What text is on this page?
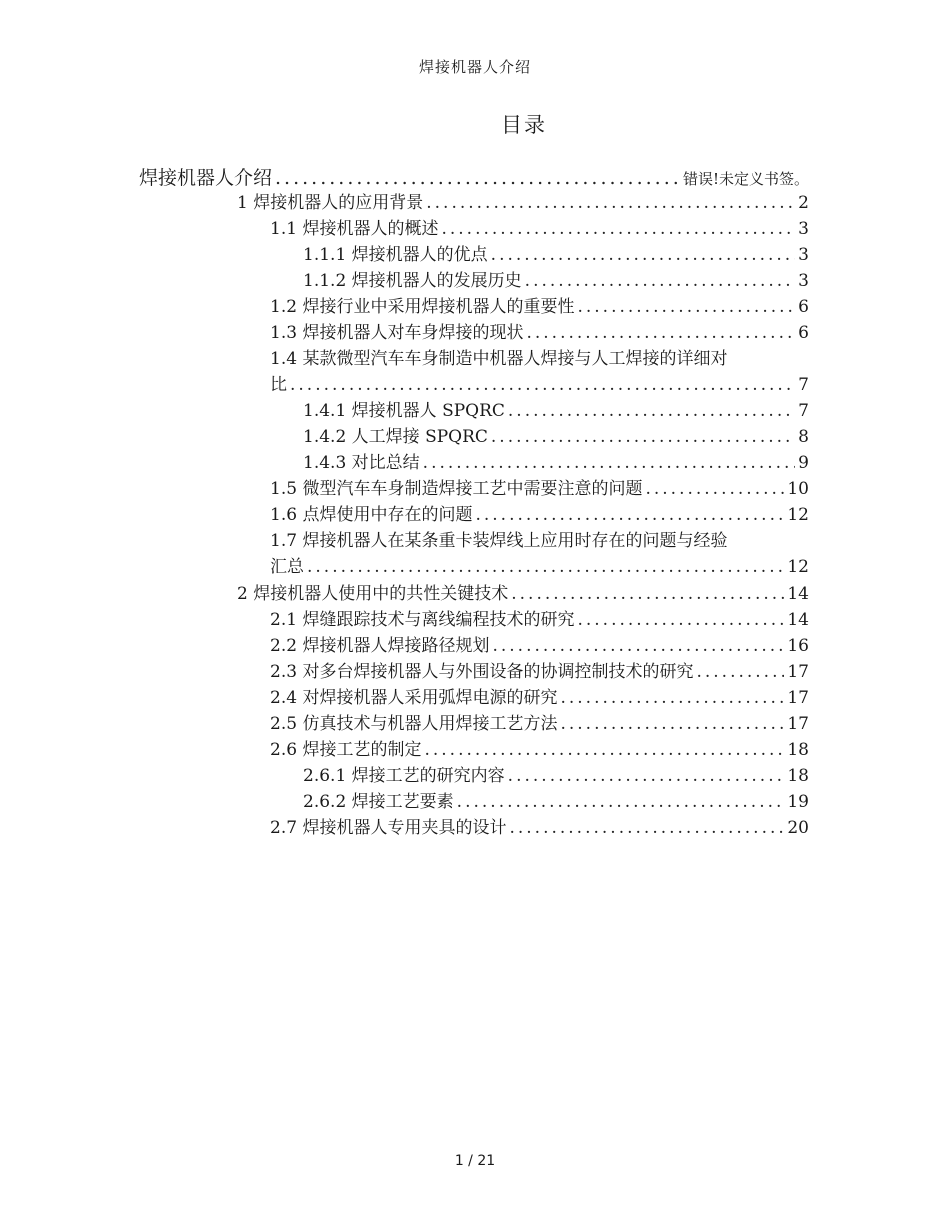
焊接机器人介绍
目录
焊接机器人介绍 .....	错误!未定义书签。
1 焊接机器人的应用背景 .....	2
1.1 焊接机器人的概述 .....	3
1.1.1 焊接机器人的优点 .....	3
1.1.2 焊接机器人的发展历史 .....	3
1.2 焊接行业中采用焊接机器人的重要性 .....	6
1.3 焊接机器人对车身焊接的现状 .....	6
1.4 某款微型汽车车身制造中机器人焊接与人工焊接的详细对
比 .....	7
1.4.1 焊接机器人 SPQRC .....	7
1.4.2 人工焊接 SPQRC .....	8
1.4.3 对比总结 .....	9
1.5 微型汽车车身制造焊接工艺中需要注意的问题 .....	10
1.6 点焊使用中存在的问题 .....	12
1.7 焊接机器人在某条重卡装焊线上应用时存在的问题与经验
汇总 .....	12
2 焊接机器人使用中的共性关键技术 .....	14
2.1 焊缝跟踪技术与离线编程技术的研究 .....	14
2.2 焊接机器人焊接路径规划 .....	16
2.3 对多台焊接机器人与外围设备的协调控制技术的研究 .....	17
2.4 对焊接机器人采用弧焊电源的研究 .....	17
2.5 仿真技术与机器人用焊接工艺方法 .....	17
2.6 焊接工艺的制定 .....	18
2.6.1 焊接工艺的研究内容 .....	18
2.6.2 焊接工艺要素 .....	19
2.7 焊接机器人专用夹具的设计 .....	20
1 / 21
